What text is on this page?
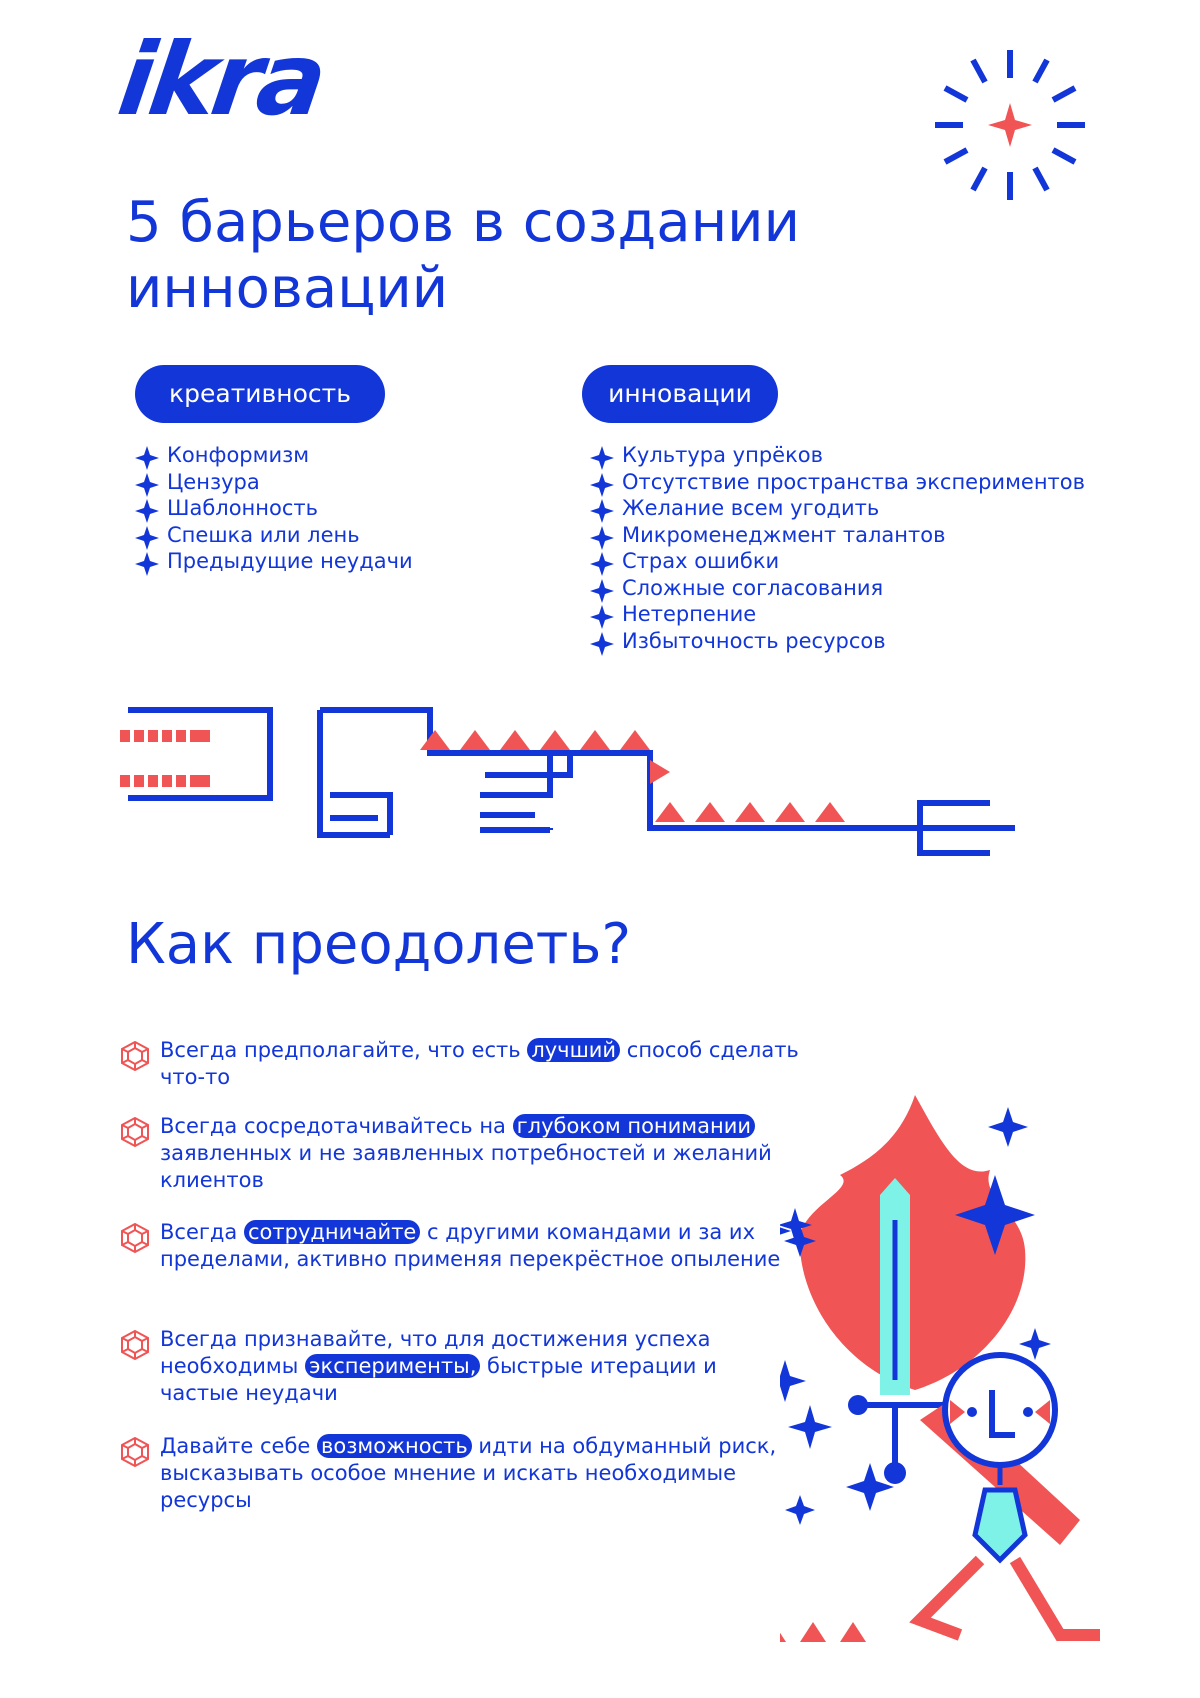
ikra
5 барьеров в создании
инноваций
креативность
Конформизм
Цензура
Шаблонность
Спешка или лень
Предыдущие неудачи
инновации
Культура упрёков
Отсутствие пространства экспериментов
Желание всем угодить
Микроменеджмент талантов
Страх ошибки
Сложные согласования
Нетерпение
Избыточность ресурсов
Как преодолеть?
Всегда предполагайте, что есть лучший способ сделать что-то
Всегда сосредотачивайтесь на глубоком понимании заявленных и не заявленных потребностей и желаний клиентов
Всегда сотрудничайте с другими командами и за их пределами, активно применяя перекрёстное опыление
Всегда признавайте, что для достижения успеха необходимы эксперименты, быстрые итерации и частые неудачи
Давайте себе возможность идти на обдуманный риск, высказывать особое мнение и искать необходимые ресурсы
